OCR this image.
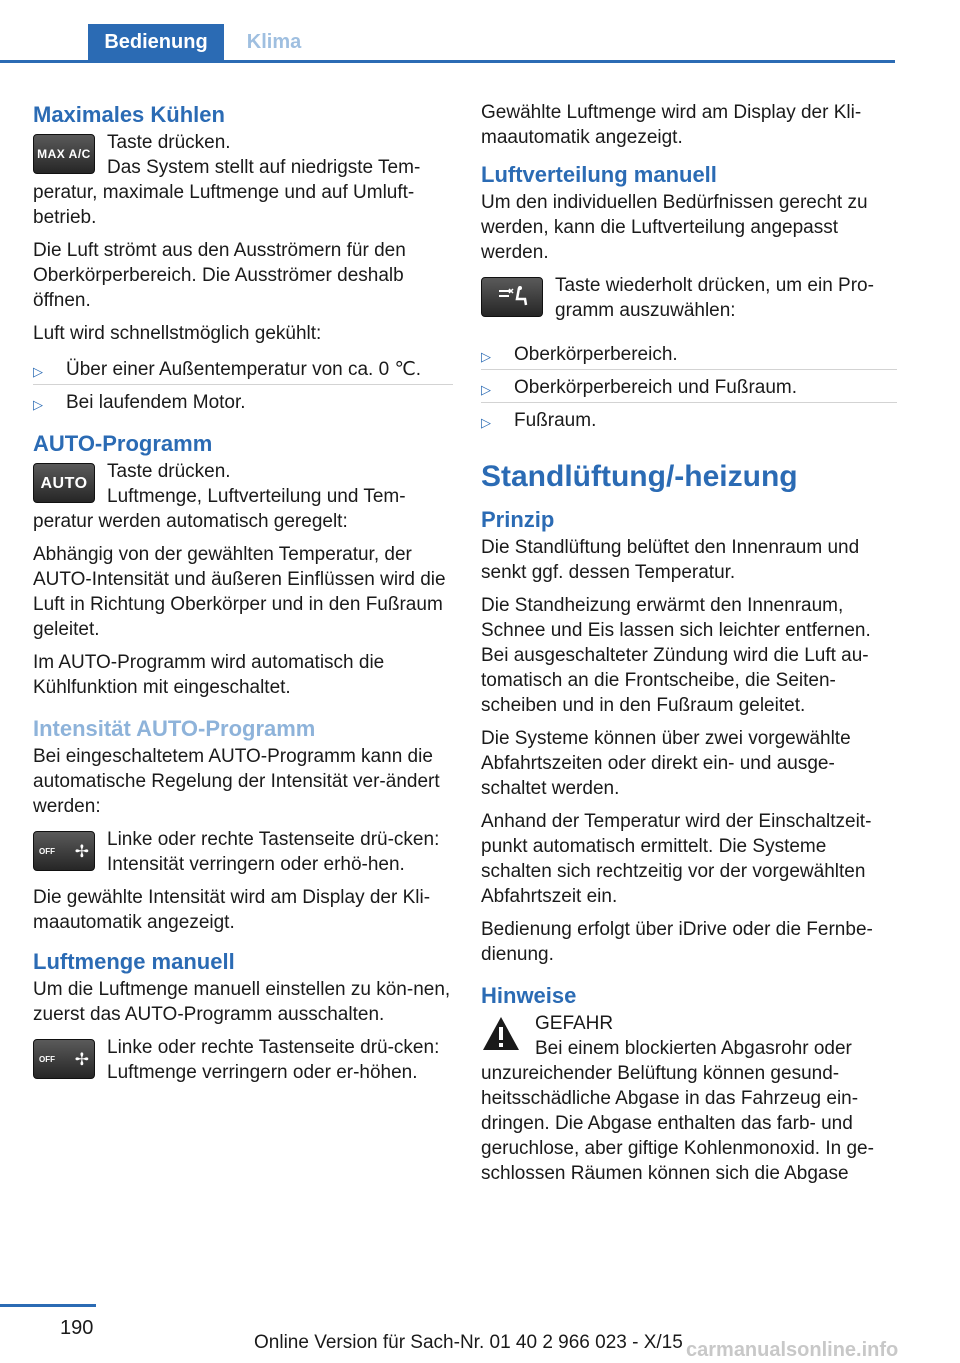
Bedienung	Klima
Maximales Kühlen
MAX A/C

Taste drücken.

Das System stellt auf niedrigste Tem-peratur, maximale Luftmenge und auf Umluft-betrieb.

Die Luft strömt aus den Ausströmern für den Oberkörperbereich. Die Ausströmer deshalb öffnen.

Luft wird schnellstmöglich gekühlt:

▷ Über einer Außentemperatur von ca. 0 ℃.
▷ Bei laufendem Motor.
AUTO-Programm
AUTO

Taste drücken.

Luftmenge, Luftverteilung und Tem-peratur werden automatisch geregelt:

Abhängig von der gewählten Temperatur, der AUTO-Intensität und äußeren Einflüssen wird die Luft in Richtung Oberkörper und in den Fußraum geleitet.

Im AUTO-Programm wird automatisch die Kühlfunktion mit eingeschaltet.

Intensität AUTO-Programm

Bei eingeschaltetem AUTO-Programm kann die automatische Regelung der Intensität ver-ändert werden:

OFF ✢

Linke oder rechte Tastenseite drü-cken: Intensität verringern oder erhö-hen.

Die gewählte Intensität wird am Display der Kli-maautomatik angezeigt.

Luftmenge manuell

Um die Luftmenge manuell einstellen zu kön-nen, zuerst das AUTO-Programm ausschalten.

OFF ✢

Linke oder rechte Tastenseite drü-cken: Luftmenge verringern oder er-höhen.

Gewählte Luftmenge wird am Display der Kli-maautomatik angezeigt.

Luftverteilung manuell

Um den individuellen Bedürfnissen gerecht zu werden, kann die Luftverteilung angepasst werden.

Taste wiederholt drücken, um ein Pro-gramm auszuwählen:

▷ Oberkörperbereich.
▷ Oberkörperbereich und Fußraum.
▷ Fußraum.
Standlüftung/-heizung
Prinzip

Die Standlüftung belüftet den Innenraum und senkt ggf. dessen Temperatur.

Die Standheizung erwärmt den Innenraum, Schnee und Eis lassen sich leichter entfernen. Bei ausgeschalteter Zündung wird die Luft au-tomatisch an die Frontscheibe, die Seiten-scheiben und in den Fußraum geleitet.

Die Systeme können über zwei vorgewählte Abfahrtszeiten oder direkt ein- und ausge-schaltet werden.

Anhand der Temperatur wird der Einschaltzeit-punkt automatisch ermittelt. Die Systeme schalten sich rechtzeitig vor der vorgewählten Abfahrtszeit ein.

Bedienung erfolgt über iDrive oder die Fernbe-dienung.

Hinweise

GEFAHR

Bei einem blockierten Abgasrohr oder unzureichender Belüftung können gesund-heitsschädliche Abgase in das Fahrzeug ein-dringen. Die Abgase enthalten das farb- und geruchlose, aber giftige Kohlenmonoxid. In ge-schlossen Räumen können sich die Abgase

190
Online Version für Sach-Nr. 01 40 2 966 023 - X/15 carmanualsonline.info
